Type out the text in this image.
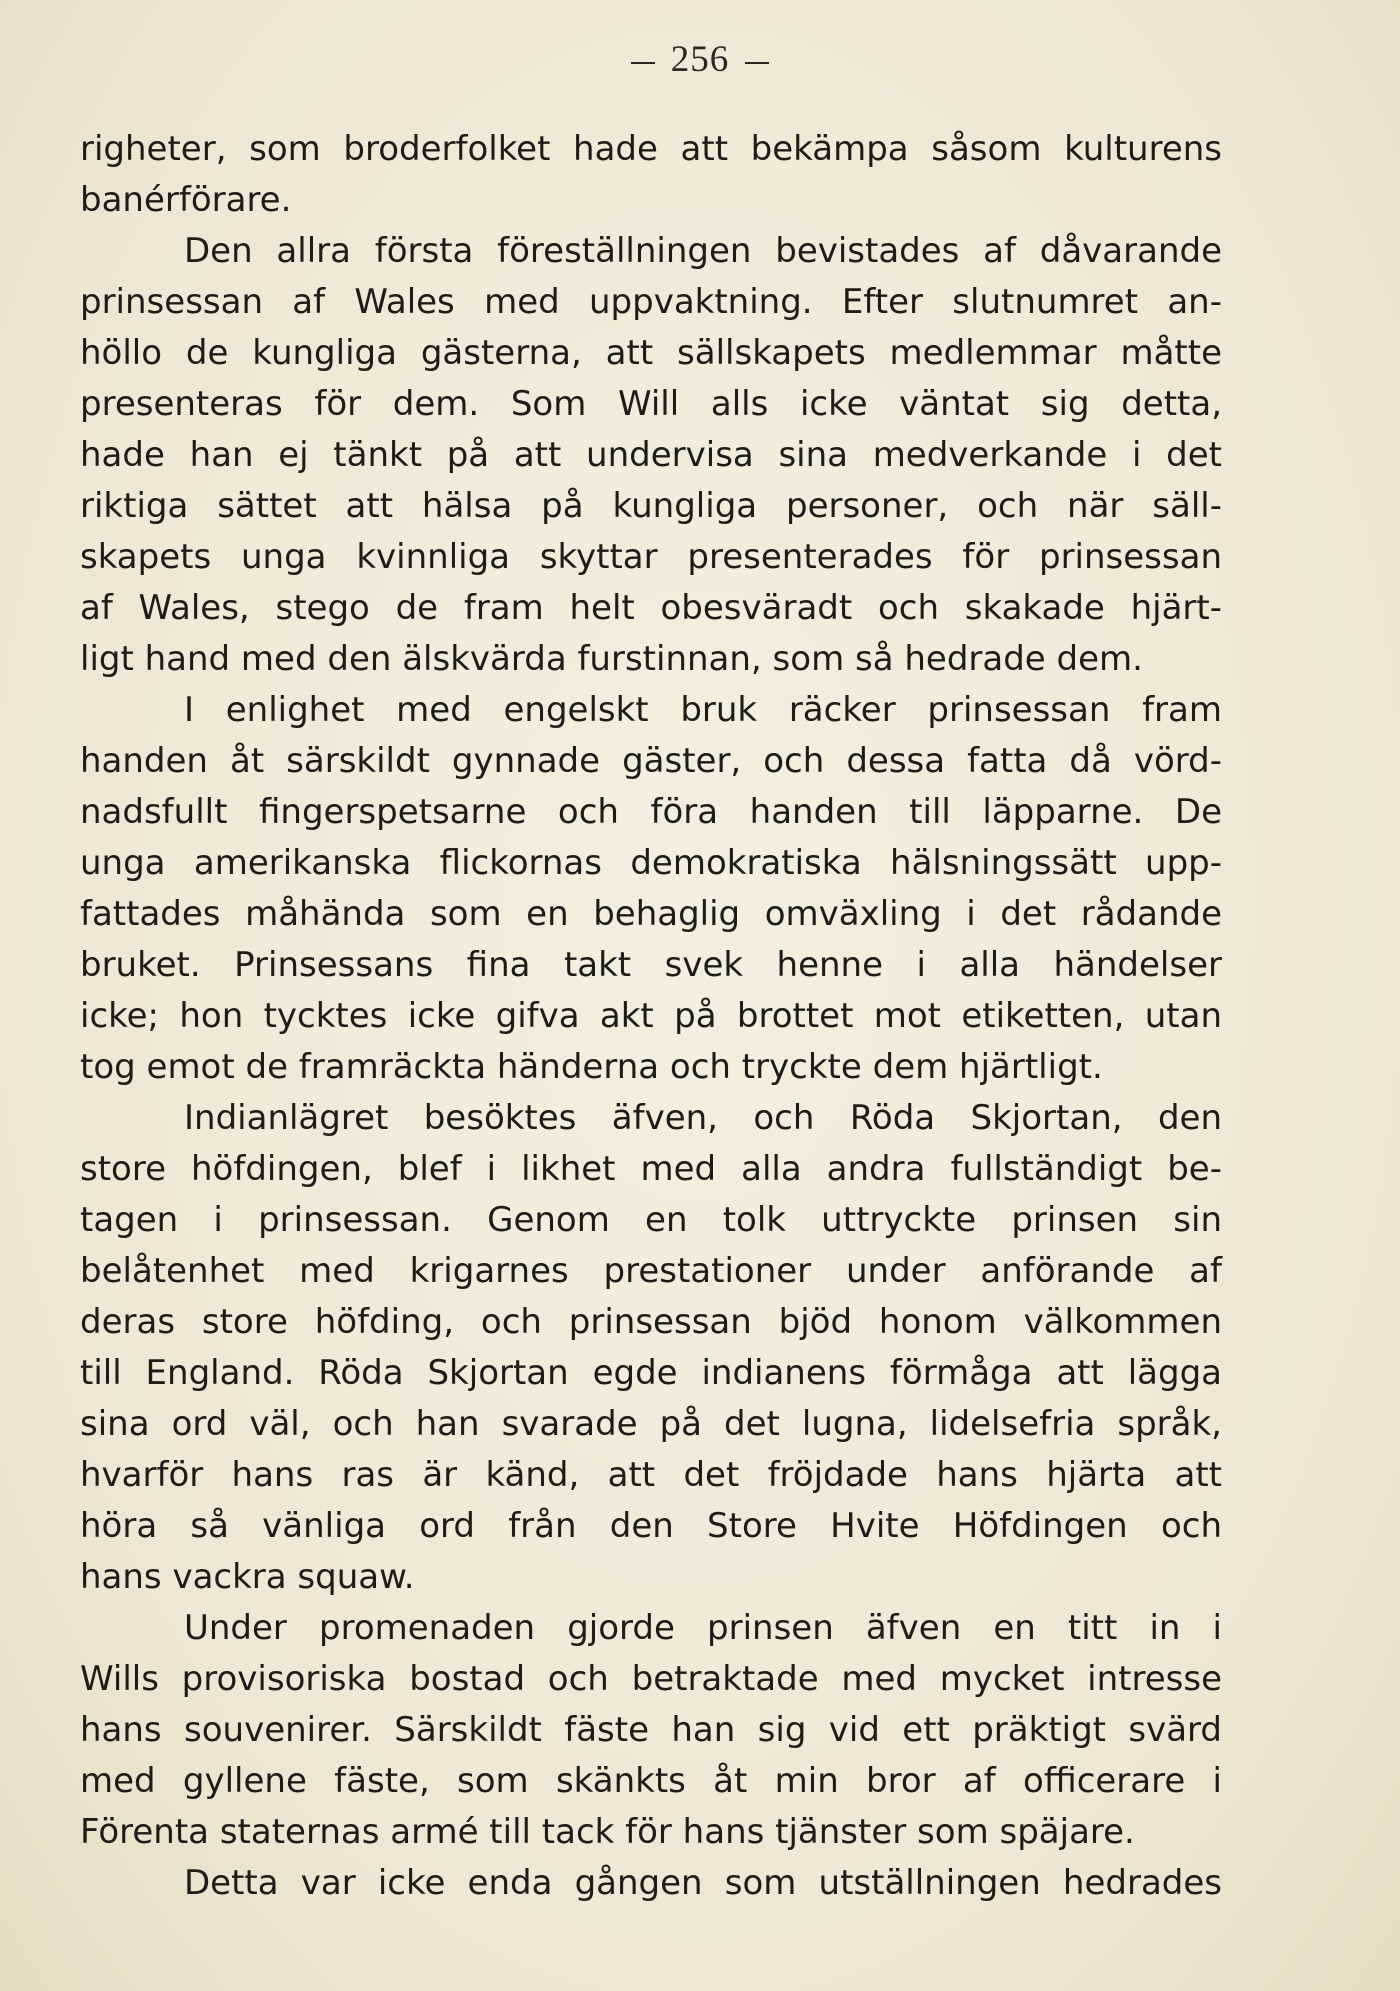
256
righeter, som broderfolket hade att bekämpa såsom kulturens
banérförare.
Den allra första föreställningen bevistades af dåvarande
prinsessan af Wales med uppvaktning. Efter slutnumret an-
höllo de kungliga gästerna, att sällskapets medlemmar måtte
presenteras för dem. Som Will alls icke väntat sig detta,
hade han ej tänkt på att undervisa sina medverkande i det
riktiga sättet att hälsa på kungliga personer, och när säll-
skapets unga kvinnliga skyttar presenterades för prinsessan
af Wales, stego de fram helt obesväradt och skakade hjärt-
ligt hand med den älskvärda furstinnan, som så hedrade dem.
I enlighet med engelskt bruk räcker prinsessan fram
handen åt särskildt gynnade gäster, och dessa fatta då vörd-
nadsfullt fingerspetsarne och föra handen till läpparne. De
unga amerikanska flickornas demokratiska hälsningssätt upp-
fattades måhända som en behaglig omväxling i det rådande
bruket. Prinsessans fina takt svek henne i alla händelser
icke; hon tycktes icke gifva akt på brottet mot etiketten, utan
tog emot de framräckta händerna och tryckte dem hjärtligt.
Indianlägret besöktes äfven, och Röda Skjortan, den
store höfdingen, blef i likhet med alla andra fullständigt be-
tagen i prinsessan. Genom en tolk uttryckte prinsen sin
belåtenhet med krigarnes prestationer under anförande af
deras store höfding, och prinsessan bjöd honom välkommen
till England. Röda Skjortan egde indianens förmåga att lägga
sina ord väl, och han svarade på det lugna, lidelsefria språk,
hvarför hans ras är känd, att det fröjdade hans hjärta att
höra så vänliga ord från den Store Hvite Höfdingen och
hans vackra squaw.
Under promenaden gjorde prinsen äfven en titt in i
Wills provisoriska bostad och betraktade med mycket intresse
hans souvenirer. Särskildt fäste han sig vid ett präktigt svärd
med gyllene fäste, som skänkts åt min bror af officerare i
Förenta staternas armé till tack för hans tjänster som späjare.
Detta var icke enda gången som utställningen hedrades
